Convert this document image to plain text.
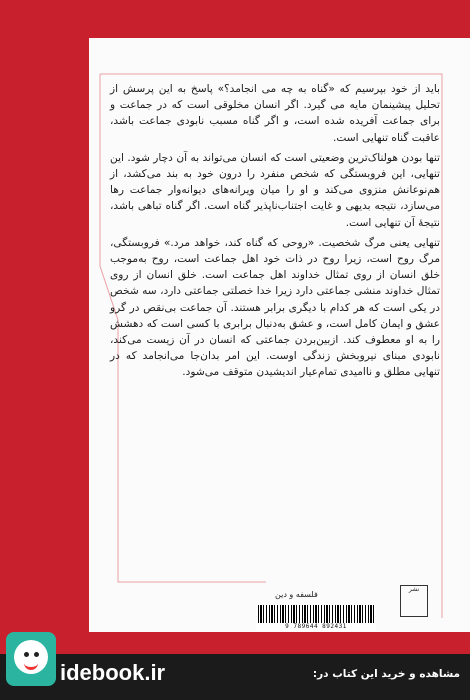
باید از خود بپرسیم که «گناه به چه می انجامد؟» پاسخ به این پرسش از تحلیل پیشینمان مایه می گیرد. اگر انسان مخلوقی است که در جماعت و برای جماعت آفریده شده است، و اگر گناه مسبب نابودی جماعت باشد، عاقبت گناه تنهایی است.

تنها بودن هولناک‌ترین وضعیتی است که انسان می‌تواند به آن دچار شود. این تنهایی، این فروبستگی که شخص منفرد را درون خود به بند می‌کشد، از هم‌نوعانش منزوی می‌کند و او را میان ویرانه‌های دیوانه‌وار جماعت رها می‌سازد، نتیجه بدیهی و غایت اجتناب‌ناپذیر گناه است. اگر گناه تباهی باشد، نتیجهٔ آن تنهایی است.

تنهایی یعنی مرگ شخصیت. «روحی که گناه کند، خواهد مرد.» فروبستگی، مرگ روح است، زیرا روح در ذات خود اهل جماعت است، روح به‌موجب خلق انسان از روی تمثال خداوند اهل جماعت است. خلق انسان از روی تمثال خداوند منشی جماعتی دارد زیرا خدا خصلتی جماعتی دارد، سه شخص در یکی است که هر کدام با دیگری برابر هستند. آن جماعت بی‌نقص در گرو عشق و ایمان کامل است، و عشق به‌دنبال برابری با کسی است که دهشش را به او معطوف کند. ازبین‌بردن جماعتی که انسان در آن زیست می‌کند، نابودی مبنای نیروبخش زندگی اوست. این امر بدان‌جا می‌انجامد که در تنهایی مطلق و ناامیدی تمام‌عیار اندیشیدن متوقف می‌شود.

فلسفه و دین
نشر
9 789644 892431
idebook.ir	مشاهده و خرید این کتاب در:
